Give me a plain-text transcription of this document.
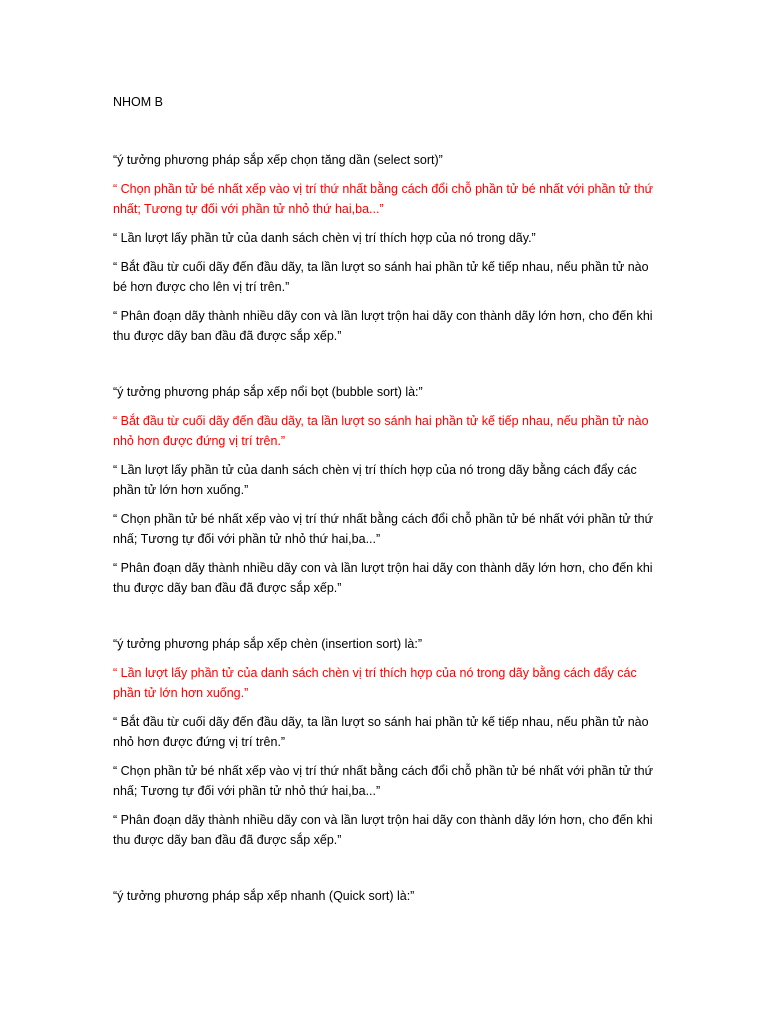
NHOM B

“ý tưởng phương pháp sắp xếp chọn tăng dần (select sort)”

“ Chọn phần tử bé nhất xếp vào vị trí thứ nhất bằng cách đổi chỗ phần tử bé nhất với phần tử thứ nhất; Tương tự đối với phần tử nhỏ thứ hai,ba...”

“ Lần lượt lấy phần tử của danh sách chèn vị trí thích hợp của nó trong dãy.”

“ Bắt đầu từ cuối dãy đến đầu dãy, ta lần lượt so sánh hai phần tử kế tiếp nhau, nếu phần tử nào bé hơn được cho lên vị trí trên.”

“ Phân đoạn dãy thành nhiều dãy con và lần lượt trộn hai dãy con thành dãy lớn hơn, cho đến khi thu được dãy ban đầu đã được sắp xếp.”

“ý tưởng phương pháp sắp xếp nổi bọt (bubble sort) là:”

“ Bắt đầu từ cuối dãy đến đầu dãy, ta lần lượt so sánh hai phần tử kế tiếp nhau, nếu phần tử nào nhỏ hơn được đứng vị trí trên.”

“ Lần lượt lấy phần tử của danh sách chèn vị trí thích hợp của nó trong dãy bằng cách đẩy các phần tử lớn hơn xuống.”

“ Chọn phần tử bé nhất xếp vào vị trí thứ nhất bằng cách đổi chỗ phần tử bé nhất với phần tử thứ nhấ; Tương tự đối với phần tử nhỏ thứ hai,ba...”

“ Phân đoạn dãy thành nhiều dãy con và lần lượt trộn hai dãy con thành dãy lớn hơn, cho đến khi thu được dãy ban đầu đã được sắp xếp.”

“ý tưởng phương pháp sắp xếp chèn (insertion sort) là:”

“ Lần lượt lấy phần tử của danh sách chèn vị trí thích hợp của nó trong dãy bằng cách đẩy các phần tử lớn hơn xuống.”

“ Bắt đầu từ cuối dãy đến đầu dãy, ta lần lượt so sánh hai phần tử kế tiếp nhau, nếu phần tử nào nhỏ hơn được đứng vị trí trên.”

“ Chọn phần tử bé nhất xếp vào vị trí thứ nhất bằng cách đổi chỗ phần tử bé nhất với phần tử thứ nhấ; Tương tự đối với phần tử nhỏ thứ hai,ba...”

“ Phân đoạn dãy thành nhiều dãy con và lần lượt trộn hai dãy con thành dãy lớn hơn, cho đến khi thu được dãy ban đầu đã được sắp xếp.”

“ý tưởng phương pháp sắp xếp nhanh (Quick sort) là:”
